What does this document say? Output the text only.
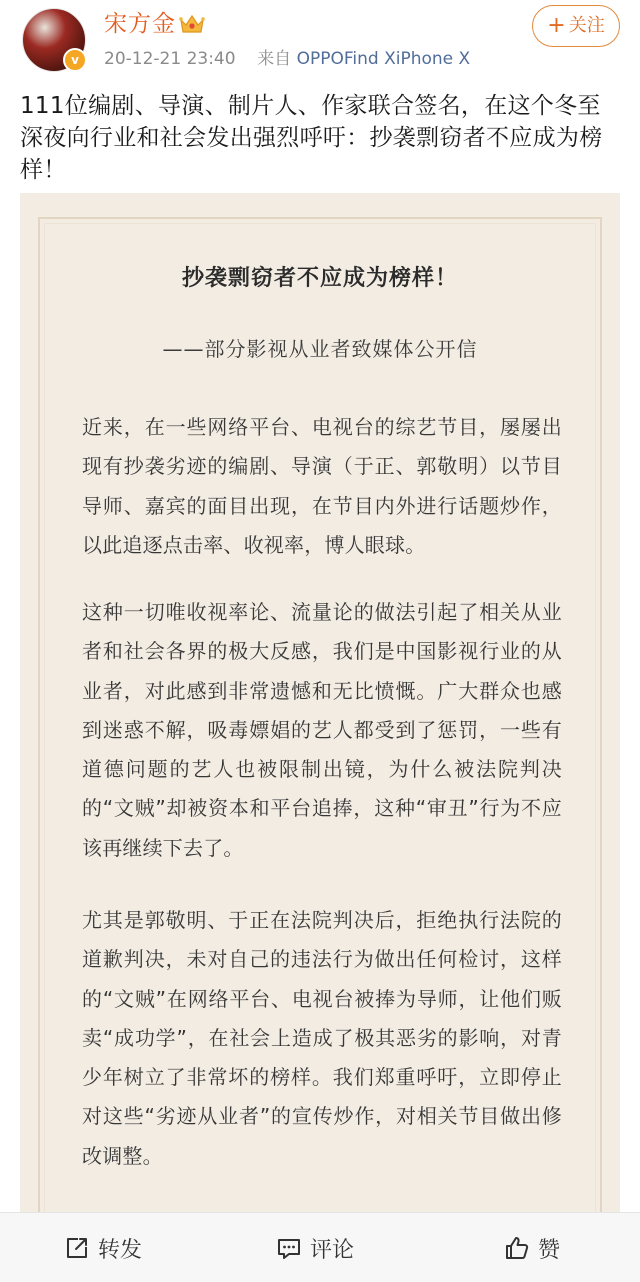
v
宋方金
20-12-21 23:40 来自 OPPOFind XiPhone X
+ 关注
111位编剧、导演、制片人、作家联合签名，在这个冬至深夜向行业和社会发出强烈呼吁：抄袭剽窃者不应成为榜样！
抄袭剽窃者不应成为榜样！
——部分影视从业者致媒体公开信
近来，在一些网络平台、电视台的综艺节目，屡屡出现有抄袭劣迹的编剧、导演（于正、郭敬明）以节目导师、嘉宾的面目出现，在节目内外进行话题炒作，以此追逐点击率、收视率，博人眼球。
这种一切唯收视率论、流量论的做法引起了相关从业者和社会各界的极大反感，我们是中国影视行业的从业者，对此感到非常遗憾和无比愤慨。广大群众也感到迷惑不解，吸毒嫖娼的艺人都受到了惩罚，一些有道德问题的艺人也被限制出镜，为什么被法院判决的“文贼”却被资本和平台追捧，这种“审丑”行为不应该再继续下去了。
尤其是郭敬明、于正在法院判决后，拒绝执行法院的道歉判决，未对自己的违法行为做出任何检讨，这样的“文贼”在网络平台、电视台被捧为导师，让他们贩卖“成功学”，在社会上造成了极其恶劣的影响，对青少年树立了非常坏的榜样。我们郑重呼吁，立即停止对这些“劣迹从业者”的宣传炒作，对相关节目做出修改调整。
转发	评论	赞
